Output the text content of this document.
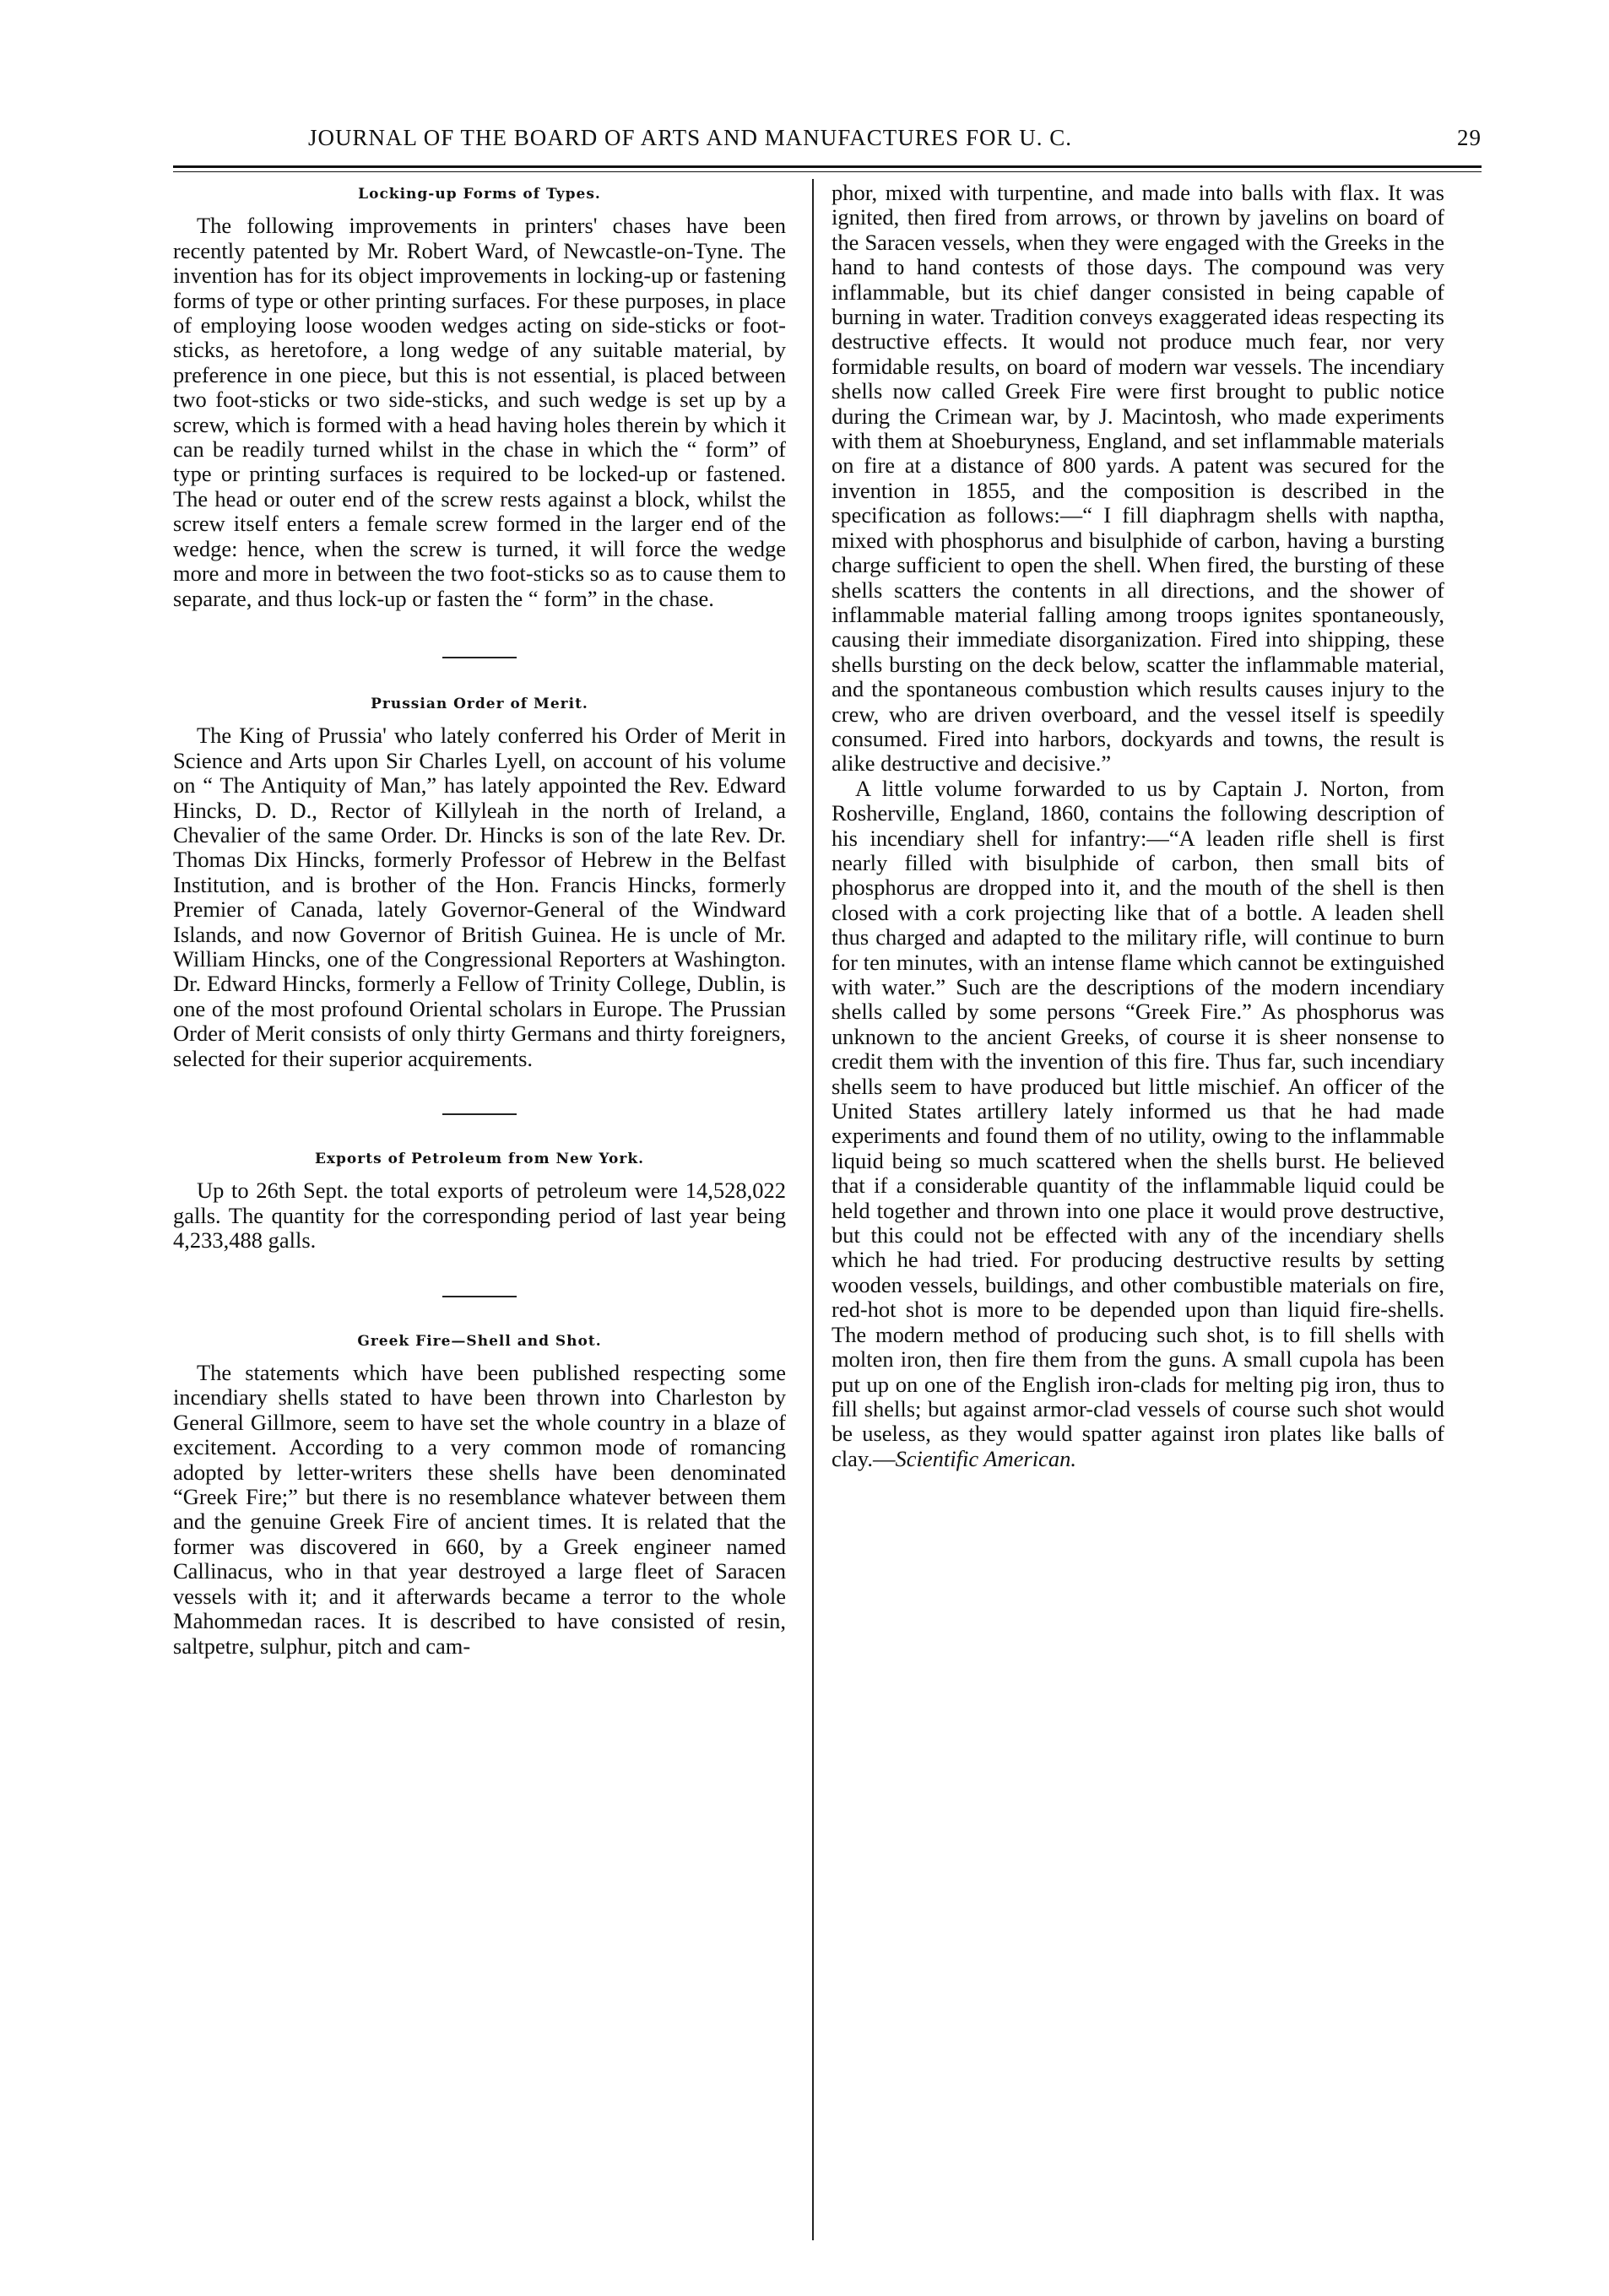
JOURNAL OF THE BOARD OF ARTS AND MANUFACTURES FOR U. C.	29
Locking-up Forms of Types.

The following improvements in printers' chases have been recently patented by Mr. Robert Ward, of Newcastle-on-Tyne. The invention has for its object improvements in locking-up or fastening forms of type or other printing surfaces. For these purposes, in place of employing loose wooden wedges acting on side-sticks or foot-sticks, as heretofore, a long wedge of any suitable material, by preference in one piece, but this is not essential, is placed between two foot-sticks or two side-sticks, and such wedge is set up by a screw, which is formed with a head having holes therein by which it can be readily turned whilst in the chase in which the “ form” of type or printing surfaces is required to be locked-up or fastened. The head or outer end of the screw rests against a block, whilst the screw itself enters a female screw formed in the larger end of the wedge: hence, when the screw is turned, it will force the wedge more and more in between the two foot-sticks so as to cause them to separate, and thus lock-up or fasten the “ form” in the chase.

Prussian Order of Merit.

The King of Prussia' who lately conferred his Order of Merit in Science and Arts upon Sir Charles Lyell, on account of his volume on “ The Antiquity of Man,” has lately appointed the Rev. Edward Hincks, D. D., Rector of Killyleah in the north of Ireland, a Chevalier of the same Order. Dr. Hincks is son of the late Rev. Dr. Thomas Dix Hincks, formerly Professor of Hebrew in the Belfast Institution, and is brother of the Hon. Francis Hincks, formerly Premier of Canada, lately Governor-General of the Windward Islands, and now Governor of British Guinea. He is uncle of Mr. William Hincks, one of the Congressional Reporters at Washington. Dr. Edward Hincks, formerly a Fellow of Trinity College, Dublin, is one of the most profound Oriental scholars in Europe. The Prussian Order of Merit consists of only thirty Germans and thirty foreigners, selected for their superior acquirements.

Exports of Petroleum from New York.

Up to 26th Sept. the total exports of petroleum were 14,528,022 galls. The quantity for the corresponding period of last year being 4,233,488 galls.

Greek Fire—Shell and Shot.

The statements which have been published respecting some incendiary shells stated to have been thrown into Charleston by General Gillmore, seem to have set the whole country in a blaze of excitement. According to a very common mode of romancing adopted by letter-writers these shells have been denominated “Greek Fire;” but there is no resemblance whatever between them and the genuine Greek Fire of ancient times. It is related that the former was discovered in 660, by a Greek engineer named Callinacus, who in that year destroyed a large fleet of Saracen vessels with it; and it afterwards became a terror to the whole Mahommedan races. It is described to have consisted of resin, saltpetre, sulphur, pitch and cam-

phor, mixed with turpentine, and made into balls with flax. It was ignited, then fired from arrows, or thrown by javelins on board of the Saracen vessels, when they were engaged with the Greeks in the hand to hand contests of those days. The compound was very inflammable, but its chief danger consisted in being capable of burning in water. Tradition conveys exaggerated ideas respecting its destructive effects. It would not produce much fear, nor very formidable results, on board of modern war vessels. The incendiary shells now called Greek Fire were first brought to public notice during the Crimean war, by J. Macintosh, who made experiments with them at Shoeburyness, England, and set inflammable materials on fire at a distance of 800 yards. A patent was secured for the invention in 1855, and the composition is described in the specification as follows:—“ I fill diaphragm shells with naptha, mixed with phosphorus and bisulphide of carbon, having a bursting charge sufficient to open the shell. When fired, the bursting of these shells scatters the contents in all directions, and the shower of inflammable material falling among troops ignites spontaneously, causing their immediate disorganization. Fired into shipping, these shells bursting on the deck below, scatter the inflammable material, and the spontaneous combustion which results causes injury to the crew, who are driven overboard, and the vessel itself is speedily consumed. Fired into harbors, dockyards and towns, the result is alike destructive and decisive.”

A little volume forwarded to us by Captain J. Norton, from Rosherville, England, 1860, contains the following description of his incendiary shell for infantry:—“A leaden rifle shell is first nearly filled with bisulphide of carbon, then small bits of phosphorus are dropped into it, and the mouth of the shell is then closed with a cork projecting like that of a bottle. A leaden shell thus charged and adapted to the military rifle, will continue to burn for ten minutes, with an intense flame which cannot be extinguished with water.” Such are the descriptions of the modern incendiary shells called by some persons “Greek Fire.” As phosphorus was unknown to the ancient Greeks, of course it is sheer nonsense to credit them with the invention of this fire. Thus far, such incendiary shells seem to have produced but little mischief. An officer of the United States artillery lately informed us that he had made experiments and found them of no utility, owing to the inflammable liquid being so much scattered when the shells burst. He believed that if a considerable quantity of the inflammable liquid could be held together and thrown into one place it would prove destructive, but this could not be effected with any of the incendiary shells which he had tried. For producing destructive results by setting wooden vessels, buildings, and other combustible materials on fire, red-hot shot is more to be depended upon than liquid fire-shells. The modern method of producing such shot, is to fill shells with molten iron, then fire them from the guns. A small cupola has been put up on one of the English iron-clads for melting pig iron, thus to fill shells; but against armor-clad vessels of course such shot would be useless, as they would spatter against iron plates like balls of clay.—Scientific American.
